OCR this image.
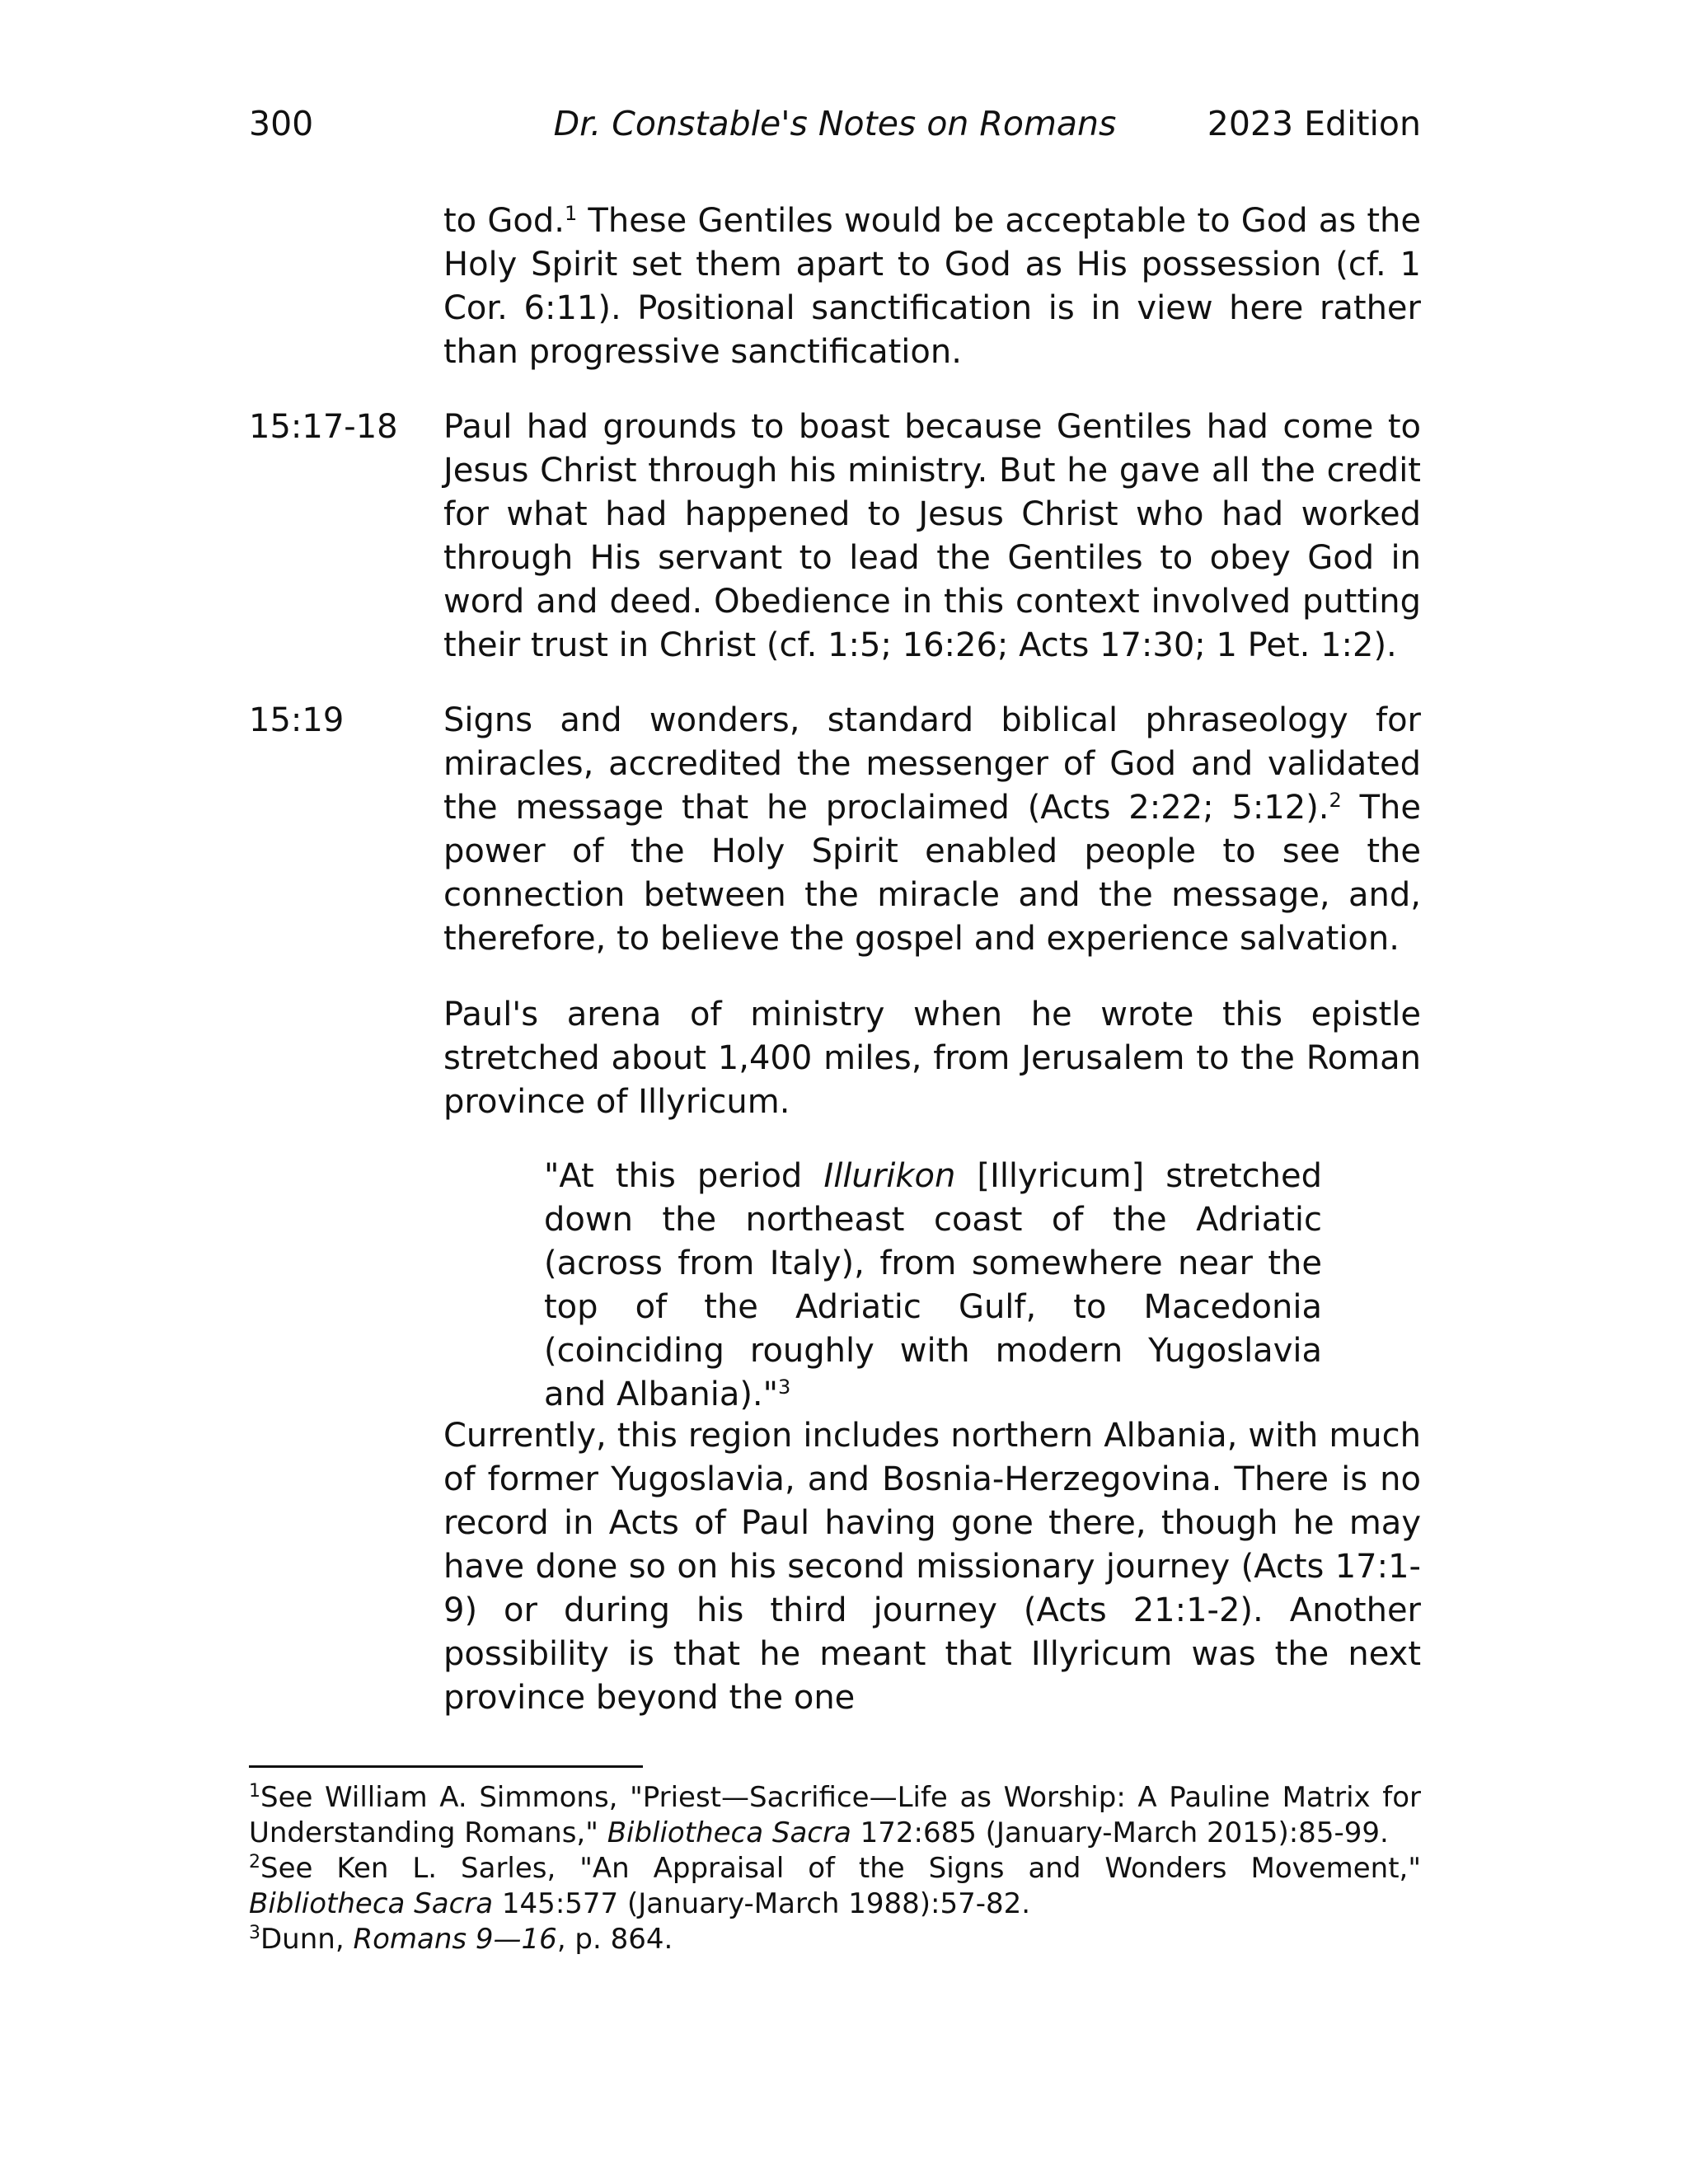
300	Dr. Constable's Notes on Romans	2023 Edition
to God.$^1$ These Gentiles would be acceptable to God as the Holy Spirit set them apart to God as His possession (cf. 1 Cor. 6:11). Positional sanctification is in view here rather than progressive sanctification.
15:17-18 Paul had grounds to boast because Gentiles had come to Jesus Christ through his ministry. But he gave all the credit for what had happened to Jesus Christ who had worked through His servant to lead the Gentiles to obey God in word and deed. Obedience in this context involved putting their trust in Christ (cf. 1:5; 16:26; Acts 17:30; 1 Pet. 1:2).
15:19	Signs and wonders, standard biblical phraseology for miracles, accredited the messenger of God and validated the message that he proclaimed (Acts 2:22; 5:12).$^2$ The power of the Holy Spirit enabled people to see the connection between the miracle and the message, and, therefore, to believe the gospel and experience salvation.
Paul's arena of ministry when he wrote this epistle stretched about 1,400 miles, from Jerusalem to the Roman province of Illyricum.
"At this period Illurikon [Illyricum] stretched down the northeast coast of the Adriatic (across from Italy), from somewhere near the top of the Adriatic Gulf, to Macedonia (coinciding roughly with modern Yugoslavia and Albania)."$^3$
Currently, this region includes northern Albania, with much of former Yugoslavia, and Bosnia-Herzegovina. There is no record in Acts of Paul having gone there, though he may have done so on his second missionary journey (Acts 17:1-9) or during his third journey (Acts 21:1-2). Another possibility is that he meant that Illyricum was the next province beyond the one
$^1$See William A. Simmons, "Priest—Sacrifice—Life as Worship: A Pauline Matrix for Understanding Romans," Bibliotheca Sacra 172:685 (January-March 2015):85-99.
$^2$See Ken L. Sarles, "An Appraisal of the Signs and Wonders Movement," Bibliotheca Sacra 145:577 (January-March 1988):57-82.
$^3$Dunn, Romans 9—16, p. 864.
